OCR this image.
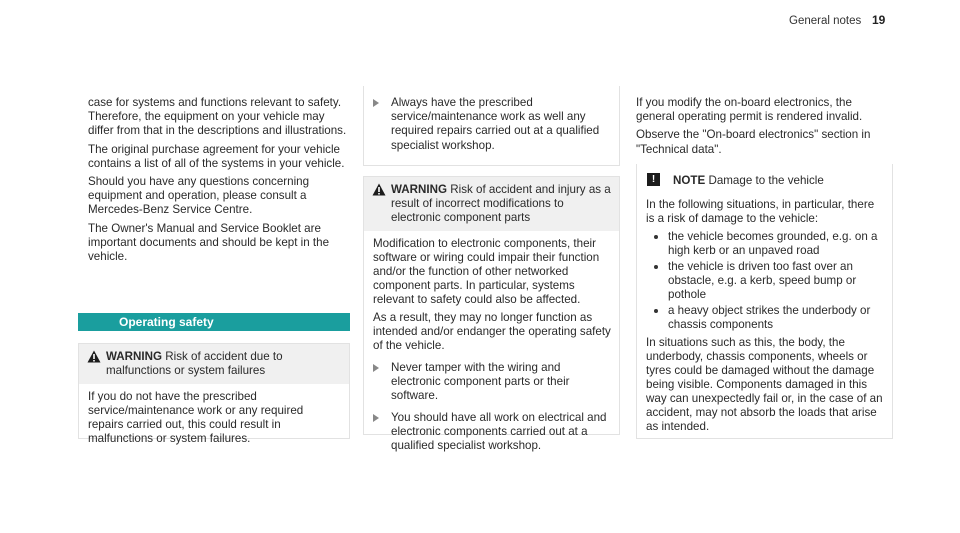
General notes 19

case for systems and functions relevant to safety. Therefore, the equipment on your vehicle may differ from that in the descriptions and illustrations.

The original purchase agreement for your vehicle contains a list of all of the systems in your vehicle.

Should you have any questions concerning equipment and operation, please consult a Mercedes-Benz Service Centre.

The Owner's Manual and Service Booklet are important documents and should be kept in the vehicle.

Operating safety
WARNING Risk of accident due to malfunctions or system failures

If you do not have the prescribed service/maintenance work or any required repairs carried out, this could result in malfunctions or system failures.

Always have the prescribed service/maintenance work as well any required repairs carried out at a qualified specialist workshop.
WARNING Risk of accident and injury as a result of incorrect modifications to electronic component parts

Modification to electronic components, their software or wiring could impair their function and/or the function of other networked component parts. In particular, systems relevant to safety could also be affected.

As a result, they may no longer function as intended and/or endanger the operating safety of the vehicle.

Never tamper with the wiring and electronic component parts or their software.
You should have all work on electrical and electronic components carried out at a qualified specialist workshop.

If you modify the on-board electronics, the general operating permit is rendered invalid.

Observe the "On-board electronics" section in "Technical data".

!	NOTE Damage to the vehicle

In the following situations, in particular, there is a risk of damage to the vehicle:

the vehicle becomes grounded, e.g. on a high kerb or an unpaved road
the vehicle is driven too fast over an obstacle, e.g. a kerb, speed bump or pothole
a heavy object strikes the underbody or chassis components

In situations such as this, the body, the underbody, chassis components, wheels or tyres could be damaged without the damage being visible. Components damaged in this way can unexpectedly fail or, in the case of an accident, may not absorb the loads that arise as intended.
